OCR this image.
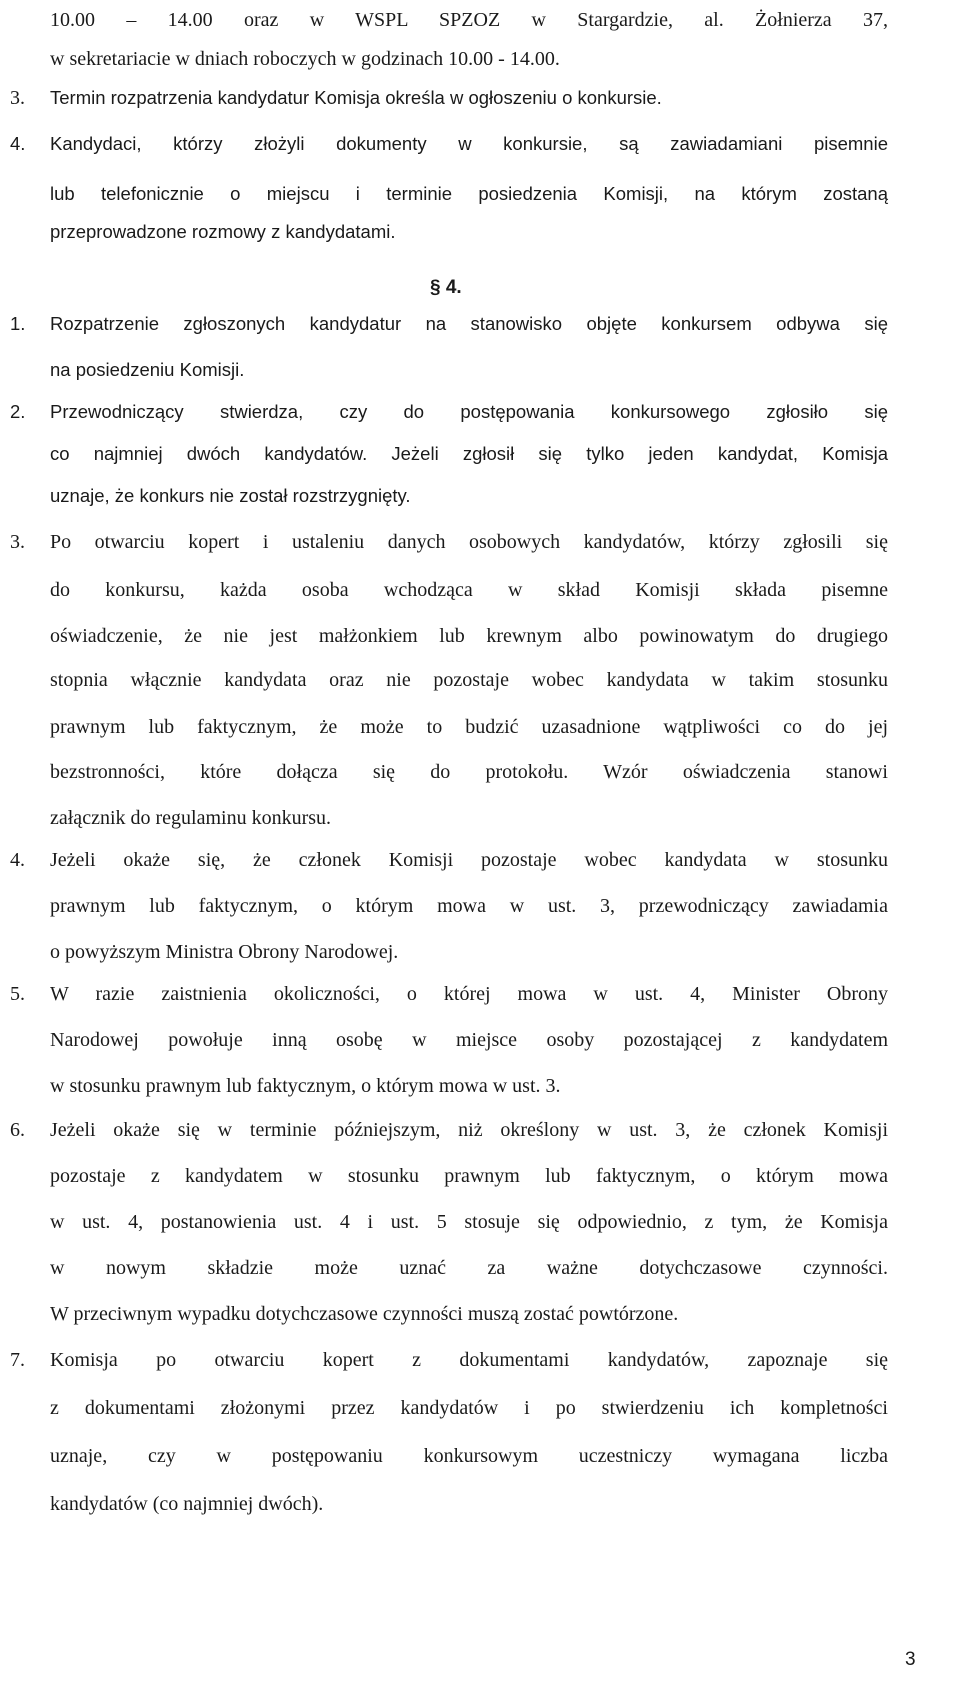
10.00 – 14.00 oraz w WSPL SPZOZ w Stargardzie, al. Żołnierza 37,
w sekretariacie w dniach roboczych w godzinach 10.00 - 14.00.
3. Termin rozpatrzenia kandydatur Komisja określa w ogłoszeniu o konkursie.
4. Kandydaci, którzy złożyli dokumenty w konkursie, są zawiadamiani pisemnie
lub telefonicznie o miejscu i terminie posiedzenia Komisji, na którym zostaną
przeprowadzone rozmowy z kandydatami.
§ 4.
1. Rozpatrzenie zgłoszonych kandydatur na stanowisko objęte konkursem odbywa się
na posiedzeniu Komisji.
2. Przewodniczący stwierdza, czy do postępowania konkursowego zgłosiło się
co najmniej dwóch kandydatów. Jeżeli zgłosił się tylko jeden kandydat, Komisja
uznaje, że konkurs nie został rozstrzygnięty.
3. Po otwarciu kopert i ustaleniu danych osobowych kandydatów, którzy zgłosili się
do konkursu, każda osoba wchodząca w skład Komisji składa pisemne
oświadczenie, że nie jest małżonkiem lub krewnym albo powinowatym do drugiego
stopnia włącznie kandydata oraz nie pozostaje wobec kandydata w takim stosunku
prawnym lub faktycznym, że może to budzić uzasadnione wątpliwości co do jej
bezstronności, które dołącza się do protokołu. Wzór oświadczenia stanowi
załącznik do regulaminu konkursu.
4. Jeżeli okaże się, że członek Komisji pozostaje wobec kandydata w stosunku
prawnym lub faktycznym, o którym mowa w ust. 3, przewodniczący zawiadamia
o powyższym Ministra Obrony Narodowej.
5. W razie zaistnienia okoliczności, o której mowa w ust. 4, Minister Obrony
Narodowej powołuje inną osobę w miejsce osoby pozostającej z kandydatem
w stosunku prawnym lub faktycznym, o którym mowa w ust. 3.
6. Jeżeli okaże się w terminie późniejszym, niż określony w ust. 3, że członek Komisji
pozostaje z kandydatem w stosunku prawnym lub faktycznym, o którym mowa
w ust. 4, postanowienia ust. 4 i ust. 5 stosuje się odpowiednio, z tym, że Komisja
w nowym składzie może uznać za ważne dotychczasowe czynności.
W przeciwnym wypadku dotychczasowe czynności muszą zostać powtórzone.
7. Komisja po otwarciu kopert z dokumentami kandydatów, zapoznaje się
z dokumentami złożonymi przez kandydatów i po stwierdzeniu ich kompletności
uznaje, czy w postępowaniu konkursowym uczestniczy wymagana liczba
kandydatów (co najmniej dwóch).
3
